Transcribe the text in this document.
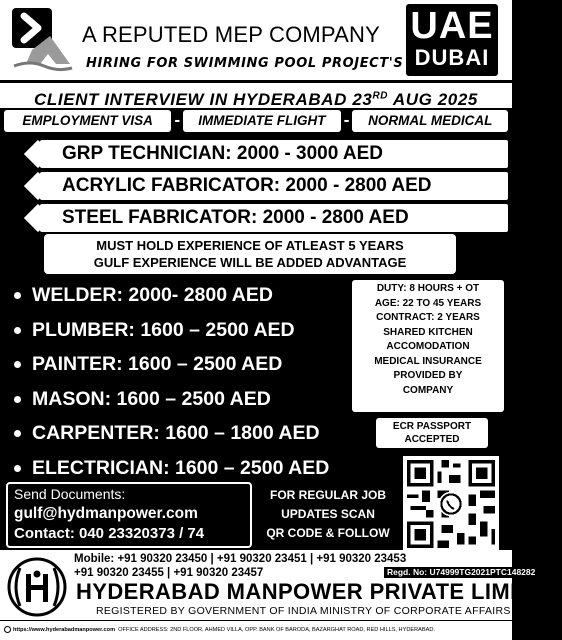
A REPUTED MEP COMPANY
HIRING FOR SWIMMING POOL PROJECT'S
UAE
DUBAI
CLIENT INTERVIEW IN HYDERABAD 23RD AUG 2025
EMPLOYMENT VISA	-	IMMEDIATE FLIGHT	-	NORMAL MEDICAL
GRP TECHNICIAN: 2000 - 3000 AED
ACRYLIC FABRICATOR: 2000 - 2800 AED
STEEL FABRICATOR: 2000 - 2800 AED
MUST HOLD EXPERIENCE OF ATLEAST 5 YEARS
GULF EXPERIENCE WILL BE ADDED ADVANTAGE
WELDER: 2000- 2800 AED
PLUMBER: 1600 – 2500 AED
PAINTER: 1600 – 2500 AED
MASON: 1600 – 2500 AED
CARPENTER: 1600 – 1800 AED
ELECTRICIAN: 1600 – 2500 AED
DUTY: 8 HOURS + OT
AGE: 22 TO 45 YEARS
CONTRACT: 2 YEARS
SHARED KITCHEN
ACCOMODATION
MEDICAL INSURANCE
PROVIDED BY
COMPANY
ECR PASSPORT
ACCEPTED
Send Documents:
gulf@hydmanpower.com
Contact: 040 23320373 / 74
FOR REGULAR JOB
UPDATES SCAN
QR CODE & FOLLOW
Mobile: +91 90320 23450 | +91 90320 23451 | +91 90320 23453
+91 90320 23455 | +91 90320 23457	Regd. No: U74999TG2021PTC148282
HYDERABAD MANPOWER PRIVATE LIMITED
REGISTERED BY GOVERNMENT OF INDIA MINISTRY OF CORPORATE AFFAIRS
https://www.hyderabadmanpower.com OFFICE ADDRESS: 2ND FLOOR, AHMED VILLA, OPP. BANK OF BARODA, BAZARGHAT ROAD, RED HILLS, HYDERABAD.
